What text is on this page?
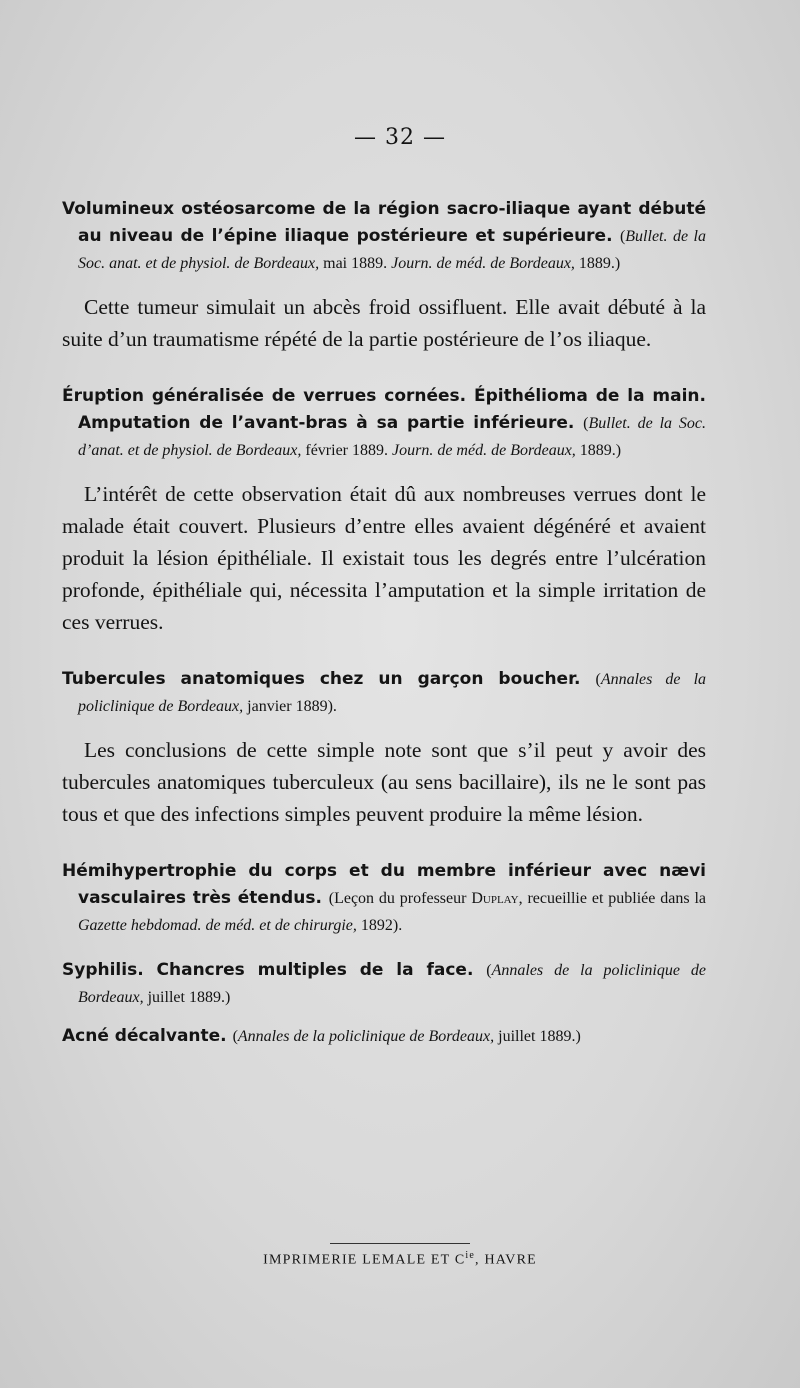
— 32 —
Volumineux ostéosarcome de la région sacro-iliaque ayant débuté au niveau de l’épine iliaque postérieure et supérieure. (Bullet. de la Soc. anat. et de physiol. de Bordeaux, mai 1889. Journ. de méd. de Bordeaux, 1889.)

Cette tumeur simulait un abcès froid ossifluent. Elle avait débuté à la suite d’un traumatisme répété de la partie postérieure de l’os iliaque.

Éruption généralisée de verrues cornées. Épithélioma de la main. Amputation de l’avant-bras à sa partie inférieure. (Bullet. de la Soc. d’anat. et de physiol. de Bordeaux, février 1889. Journ. de méd. de Bordeaux, 1889.)

L’intérêt de cette observation était dû aux nombreuses verrues dont le malade était couvert. Plusieurs d’entre elles avaient dégénéré et avaient produit la lésion épithéliale. Il existait tous les degrés entre l’ulcération profonde, épithéliale qui, nécessita l’amputation et la simple irritation de ces verrues.

Tubercules anatomiques chez un garçon boucher. (Annales de la policlinique de Bordeaux, janvier 1889).

Les conclusions de cette simple note sont que s’il peut y avoir des tubercules anatomiques tuberculeux (au sens bacillaire), ils ne le sont pas tous et que des infections simples peuvent produire la même lésion.

Hémihypertrophie du corps et du membre inférieur avec nævi vasculaires très étendus. (Leçon du professeur Duplay, recueillie et publiée dans la Gazette hebdomad. de méd. et de chirurgie, 1892).
Syphilis. Chancres multiples de la face. (Annales de la policlinique de Bordeaux, juillet 1889.)
Acné décalvante. (Annales de la policlinique de Bordeaux, juillet 1889.)
IMPRIMERIE LEMALE ET $C^{ie}$, HAVRE
